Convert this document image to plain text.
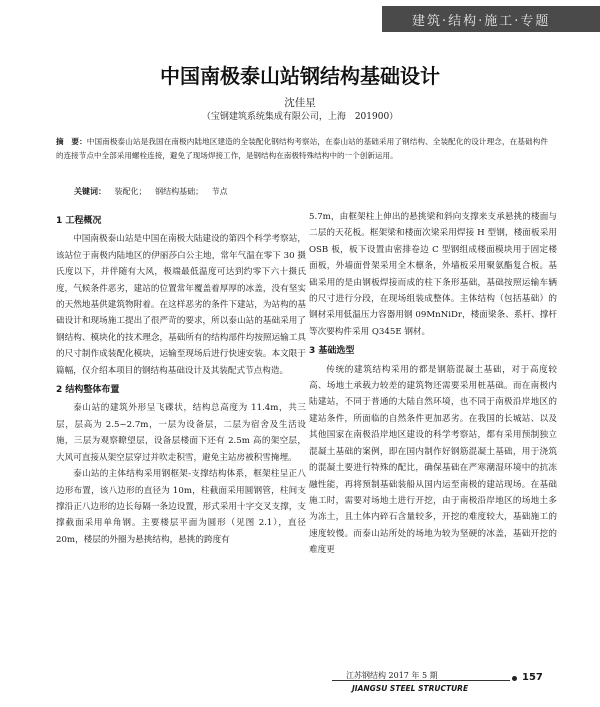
建筑·结构·施工·专题
中国南极泰山站钢结构基础设计
沈佳星
（宝钢建筑系统集成有限公司，上海　201900）
摘　要：中国南极泰山站是我国在南极内陆地区建造的全装配化钢结构考察站，在泰山站的基础采用了钢结构、全装配化的设计理念，在基础构件的连接节点中全部采用螺栓连接，避免了现场焊接工作，是钢结构在南极特殊结构中的一个创新运用。
关键词： 装配化； 钢结构基础； 节点
1 工程概况

中国南极泰山站是中国在南极大陆建设的第四个科学考察站，该站位于南极内陆地区的伊丽莎白公主地，常年气温在零下 30 摄氏度以下，并伴随有大风，极端最低温度可达到约零下六十摄氏度，气候条件恶劣，建站的位置常年覆盖着厚厚的冰盖，没有坚实的天然地基供建筑物附着。在这样恶劣的条件下建站，为站构的基础设计和现场施工提出了很严苛的要求，所以泰山站的基础采用了钢结构、模块化的技术理念，基础所有的结构部件均按照运输工具的尺寸制作成装配化模块，运输至现场后进行快速安装。本文限于篇幅，仅介绍本项目的钢结构基础设计及其装配式节点构造。

2 结构整体布置

泰山站的建筑外形呈飞碟状，结构总高度为 11.4m，共三层，层高为 2.5~2.7m，一层为设备层，二层为宿舍及生活设施，三层为观察瞭望层，设备层楼面下还有 2.5m 高的架空层，大风可直接从架空层穿过并吹走积雪，避免主站房被积雪掩埋。

泰山站的主体结构采用钢框架-支撑结构体系，框架柱呈正八边形布置，该八边形的直径为 10m，柱截面采用圆钢管，柱间支撑沿正八边形的边长每隔一条边设置，形式采用十字交叉支撑，支撑截面采用单角钢。主要楼层平面为圆形（见图 2.1），直径 20m，楼层的外圈为悬挑结构，悬挑的跨度有

5.7m，由框架柱上伸出的悬挑梁和斜向支撑来支承悬挑的楼面与二层的天花板。框架梁和楼面次梁采用焊接 H 型钢，楼面板采用 OSB 板，板下设置由密排卷边 C 型钢组成楼面模块用于固定楼面板，外墙面骨架采用全木檩条，外墙板采用聚氨酯复合板。基础采用的是由钢板焊接而成的柱下条形基础，基础按照运输车辆的尺寸进行分段，在现场组装成整体。主体结构（包括基础）的钢材采用低温压力容器用钢 09MnNiDr，楼面梁条、系杆、撑杆等次要构件采用 Q345E 钢材。

3 基础选型

传统的建筑结构采用的都是钢筋混凝土基础，对于高度较高、场地土承载力较差的建筑物还需要采用桩基础。而在南极内陆建站，不同于普通的大陆自然环境，也不同于南极沿岸地区的建站条件，所面临的自然条件更加恶劣。在我国的长城站、以及其他国家在南极沿岸地区建设的科学考察站，都有采用预制独立混凝土基础的案例，即在国内制作好钢筋混凝土基础，用于浇筑的混凝土要进行特殊的配比，确保基础在严寒潮湿环境中的抗冻融性能，再将预制基础装船从国内运至南极的建站现场。在基础施工时，需要对场地土进行开挖，由于南极沿岸地区的场地土多为冻土，且土体内碎石含量较多，开挖的难度较大，基础施工的速度较慢。而泰山站所处的场地为较为坚硬的冰盖，基础开挖的难度更

江苏钢结构 2017 年 5 期
JIANGSU STEEL STRUCTURE
157
